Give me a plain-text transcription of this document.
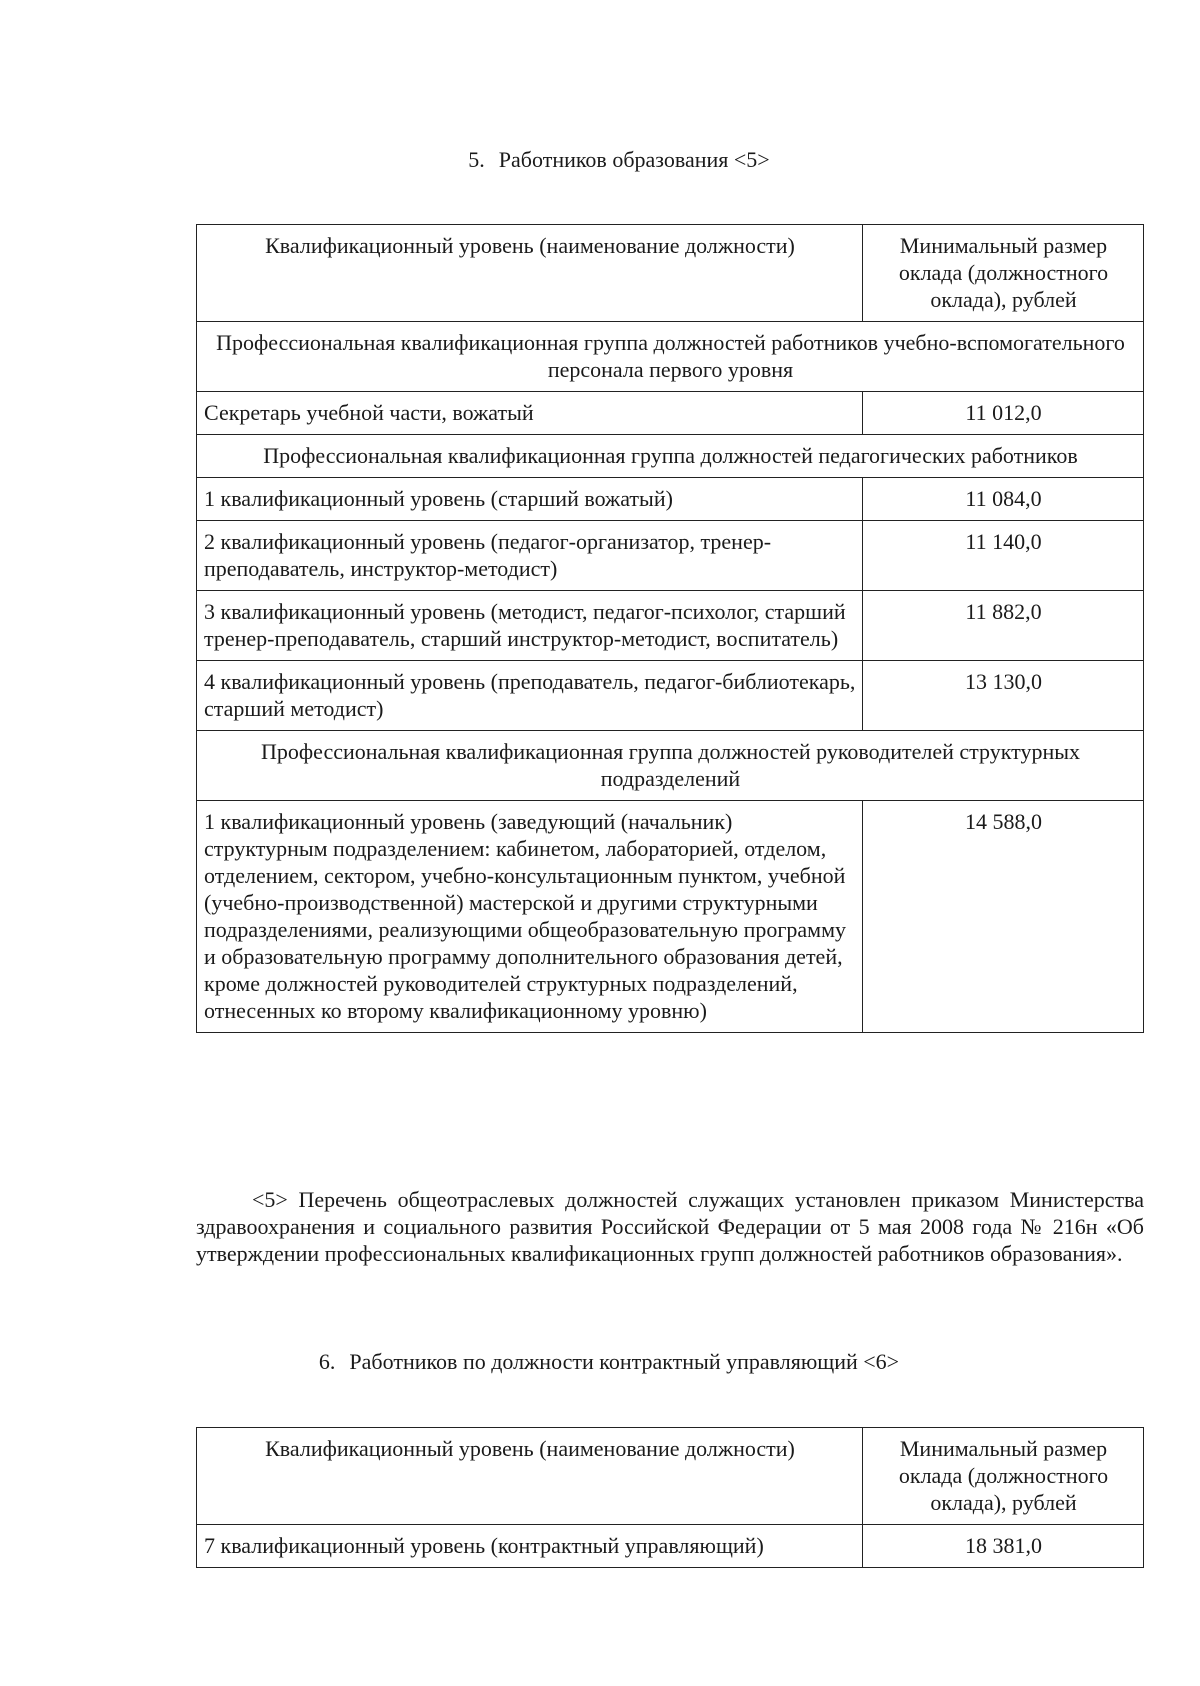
5. Работников образования <5>
Квалификационный уровень (наименование должности)	Минимальный размер оклада (должностного оклада), рублей
Профессиональная квалификационная группа должностей работников учебно-вспомогательного персонала первого уровня	
Секретарь учебной части, вожатый	11 012,0
Профессиональная квалификационная группа должностей педагогических работников	
1 квалификационный уровень (старший вожатый)	11 084,0
2 квалификационный уровень (педагог-организатор, тренер-преподаватель, инструктор-методист)	11 140,0
3 квалификационный уровень (методист, педагог-психолог, старший тренер-преподаватель, старший инструктор-методист, воспитатель)	11 882,0
4 квалификационный уровень (преподаватель, педагог-библиотекарь, старший методист)	13 130,0
Профессиональная квалификационная группа должностей руководителей структурных подразделений	
1 квалификационный уровень (заведующий (начальник) структурным подразделением: кабинетом, лабораторией, отделом, отделением, сектором, учебно-консультационным пунктом, учебной (учебно-производственной) мастерской и другими структурными подразделениями, реализующими общеобразовательную программу и образовательную программу дополнительного образования детей, кроме должностей руководителей структурных подразделений, отнесенных ко второму квалификационному уровню)	14 588,0
<5> Перечень общеотраслевых должностей служащих установлен приказом Министерства здравоохранения и социального развития Российской Федерации от 5 мая 2008 года № 216н «Об утверждении профессиональных квалификационных групп должностей работников образования».
6. Работников по должности контрактный управляющий <6>
Квалификационный уровень (наименование должности)	Минимальный размер оклада (должностного оклада), рублей
7 квалификационный уровень (контрактный управляющий)	18 381,0
